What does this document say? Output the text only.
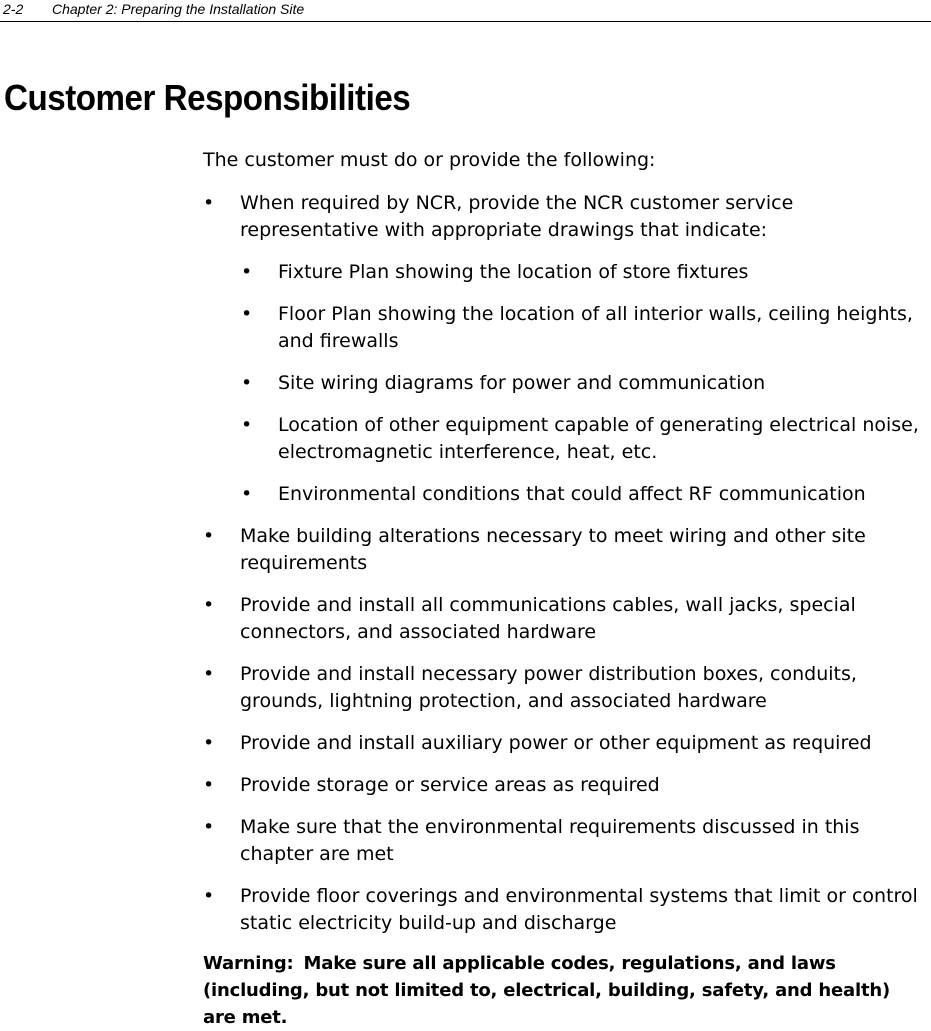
2-2 Chapter 2: Preparing the Installation Site
Customer Responsibilities

The customer must do or provide the following:

• When required by NCR, provide the NCR customer service representative with appropriate drawings that indicate:
• Fixture Plan showing the location of store fixtures
• Floor Plan showing the location of all interior walls, ceiling heights, and firewalls
• Site wiring diagrams for power and communication
• Location of other equipment capable of generating electrical noise, electromagnetic interference, heat, etc.
• Environmental conditions that could affect RF communication
• Make building alterations necessary to meet wiring and other site requirements
• Provide and install all communications cables, wall jacks, special connectors, and associated hardware
• Provide and install necessary power distribution boxes, conduits, grounds, lightning protection, and associated hardware
• Provide and install auxiliary power or other equipment as required
• Provide storage or service areas as required
• Make sure that the environmental requirements discussed in this chapter are met
• Provide floor coverings and environmental systems that limit or control static electricity build-up and discharge
Warning: Make sure all applicable codes, regulations, and laws (including, but not limited to, electrical, building, safety, and health) are met.
